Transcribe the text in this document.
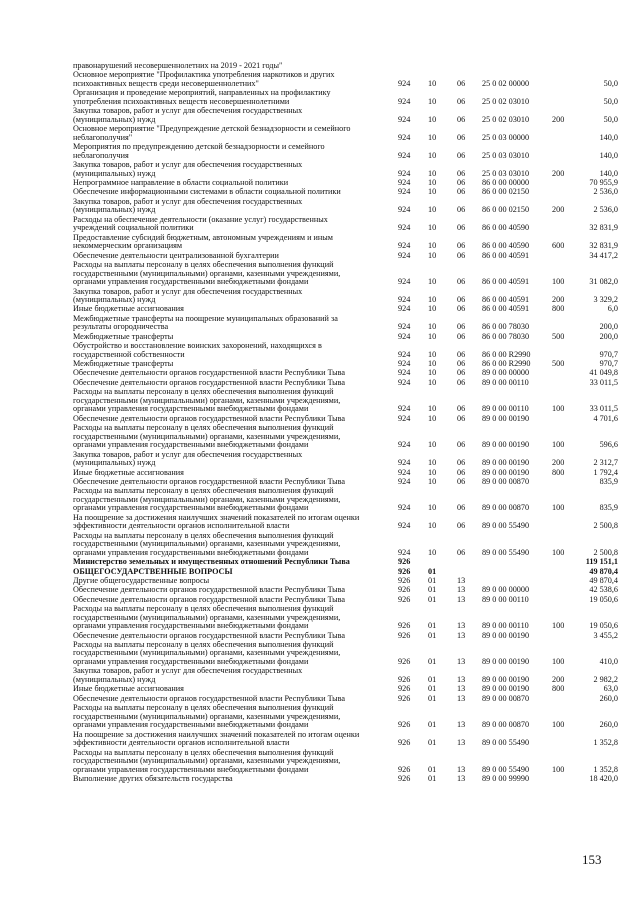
правонарушений несовершеннолетних на 2019 - 2021 годы"
Основное мероприятие "Профилактика употребления наркотиков и других
психоактивных веществ среди несовершеннолетних"	924	10	06	25 0 02 00000	50,0
Организация и проведение мероприятий, направленных на профилактику
употребления психоактивных веществ несовершеннолетними	924	10	06	25 0 02 03010	50,0
Закупка товаров, работ и услуг для обеспечения государственных
(муниципальных) нужд	924	10	06	25 0 02 03010	200	50,0
Основное мероприятие "Предупреждение детской безнадзорности и семейного
неблагополучия"	924	10	06	25 0 03 00000	140,0
Мероприятия по предупреждению детской безнадзорности и семейного
неблагополучия	924	10	06	25 0 03 03010	140,0
Закупка товаров, работ и услуг для обеспечения государственных
(муниципальных) нужд	924	10	06	25 0 03 03010	200	140,0
Непрограммное направление в области социальной политики	924	10	06	86 0 00 00000	70 955,9
Обеспечение информационными системами в области социальной политики	924	10	06	86 0 00 02150	2 536,0
Закупка товаров, работ и услуг для обеспечения государственных
(муниципальных) нужд	924	10	06	86 0 00 02150	200	2 536,0
Расходы на обеспечение деятельности (оказание услуг) государственных
учреждений социальной политики	924	10	06	86 0 00 40590	32 831,9
Предоставление субсидий бюджетным, автономным учреждениям и иным
некоммерческим организациям	924	10	06	86 0 00 40590	600	32 831,9
Обеспечение деятельности централизованной бухгалтерии	924	10	06	86 0 00 40591	34 417,2
Расходы на выплаты персоналу в целях обеспечения выполнения функций
государственными (муниципальными) органами, казенными учреждениями,
органами управления государственными внебюджетными фондами	924	10	06	86 0 00 40591	100	31 082,0
Закупка товаров, работ и услуг для обеспечения государственных
(муниципальных) нужд	924	10	06	86 0 00 40591	200	3 329,2
Иные бюджетные ассигнования	924	10	06	86 0 00 40591	800	6,0
Межбюджетные трансферты на поощрение муниципальных образований за
результаты огородничества	924	10	06	86 0 00 78030	200,0
Межбюджетные трансферты	924	10	06	86 0 00 78030	500	200,0
Обустройство и восстановление воинских захоронений, находящихся в
государственной собственности	924	10	06	86 0 00 R2990	970,7
Межбюджетные трансферты	924	10	06	86 0 00 R2990	500	970,7
Обеспечение деятельности органов государственной власти Республики Тыва	924	10	06	89 0 00 00000	41 049,8
Обеспечение деятельности органов государственной власти Республики Тыва	924	10	06	89 0 00 00110	33 011,5
Расходы на выплаты персоналу в целях обеспечения выполнения функций
государственными (муниципальными) органами, казенными учреждениями,
органами управления государственными внебюджетными фондами	924	10	06	89 0 00 00110	100	33 011,5
Обеспечение деятельности органов государственной власти Республики Тыва	924	10	06	89 0 00 00190	4 701,6
Расходы на выплаты персоналу в целях обеспечения выполнения функций
государственными (муниципальными) органами, казенными учреждениями,
органами управления государственными внебюджетными фондами	924	10	06	89 0 00 00190	100	596,6
Закупка товаров, работ и услуг для обеспечения государственных
(муниципальных) нужд	924	10	06	89 0 00 00190	200	2 312,7
Иные бюджетные ассигнования	924	10	06	89 0 00 00190	800	1 792,4
Обеспечение деятельности органов государственной власти Республики Тыва	924	10	06	89 0 00 00870	835,9
Расходы на выплаты персоналу в целях обеспечения выполнения функций
государственными (муниципальными) органами, казенными учреждениями,
органами управления государственными внебюджетными фондами	924	10	06	89 0 00 00870	100	835,9
На поощрение за достижения наилучших значений показателей по итогам оценки
эффективности деятельности органов исполнительной власти	924	10	06	89 0 00 55490	2 500,8
Расходы на выплаты персоналу в целях обеспечения выполнения функций
государственными (муниципальными) органами, казенными учреждениями,
органами управления государственными внебюджетными фондами	924	10	06	89 0 00 55490	100	2 500,8
Министерство земельных и имущественных отношений Республики Тыва	926	119 151,1
ОБЩЕГОСУДАРСТВЕННЫЕ ВОПРОСЫ	926	01	49 870,4
Другие общегосударственные вопросы	926	01	13	49 870,4
Обеспечение деятельности органов государственной власти Республики Тыва	926	01	13	89 0 00 00000	42 538,6
Обеспечение деятельности органов государственной власти Республики Тыва	926	01	13	89 0 00 00110	19 050,6
Расходы на выплаты персоналу в целях обеспечения выполнения функций
государственными (муниципальными) органами, казенными учреждениями,
органами управления государственными внебюджетными фондами	926	01	13	89 0 00 00110	100	19 050,6
Обеспечение деятельности органов государственной власти Республики Тыва	926	01	13	89 0 00 00190	3 455,2
Расходы на выплаты персоналу в целях обеспечения выполнения функций
государственными (муниципальными) органами, казенными учреждениями,
органами управления государственными внебюджетными фондами	926	01	13	89 0 00 00190	100	410,0
Закупка товаров, работ и услуг для обеспечения государственных
(муниципальных) нужд	926	01	13	89 0 00 00190	200	2 982,2
Иные бюджетные ассигнования	926	01	13	89 0 00 00190	800	63,0
Обеспечение деятельности органов государственной власти Республики Тыва	926	01	13	89 0 00 00870	260,0
Расходы на выплаты персоналу в целях обеспечения выполнения функций
государственными (муниципальными) органами, казенными учреждениями,
органами управления государственными внебюджетными фондами	926	01	13	89 0 00 00870	100	260,0
На поощрение за достижения наилучших значений показателей по итогам оценки
эффективности деятельности органов исполнительной власти	926	01	13	89 0 00 55490	1 352,8
Расходы на выплаты персоналу в целях обеспечения выполнения функций
государственными (муниципальными) органами, казенными учреждениями,
органами управления государственными внебюджетными фондами	926	01	13	89 0 00 55490	100	1 352,8
Выполнение других обязательств государства	926	01	13	89 0 00 99990	18 420,0
153
